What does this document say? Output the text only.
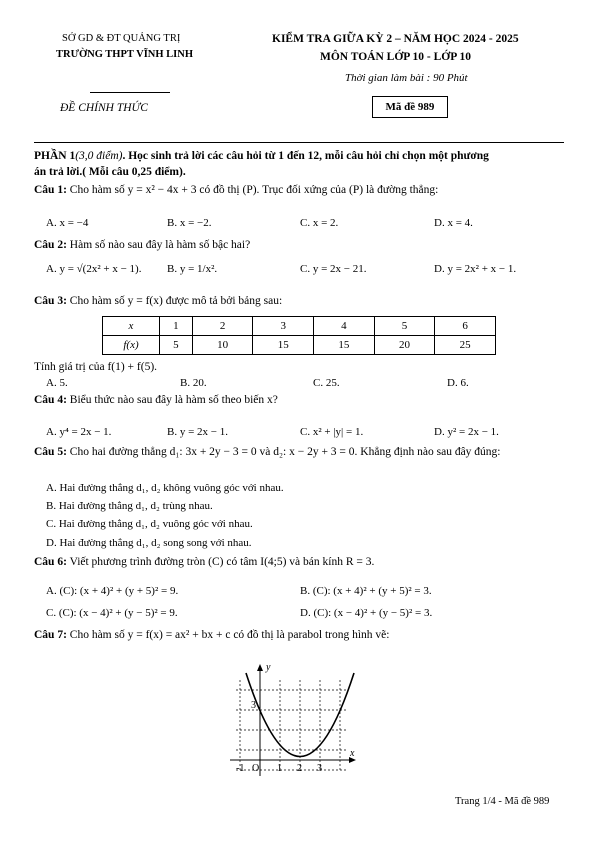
SỞ GD & ĐT QUẢNG TRỊ
TRƯỜNG THPT VĨNH LINH
ĐỀ CHÍNH THỨC
KIỂM TRA GIỮA KỲ 2 – NĂM HỌC 2024 - 2025
MÔN TOÁN LỚP 10 - LỚP 10
Thời gian làm bài : 90 Phút
Mã đề 989
PHẦN 1(3,0 điểm). Học sinh trả lời các câu hỏi từ 1 đến 12, mỗi câu hỏi chỉ chọn một phương
án trả lời.( Mỗi câu 0,25 điểm).
Câu 1: Cho hàm số y = x² − 4x + 3 có đồ thị (P). Trục đối xứng của (P) là đường thẳng:
A. x = −4	B. x = −2.	C. x = 2.	D. x = 4.
Câu 2: Hàm số nào sau đây là hàm số bậc hai?
A. y = √(2x² + x − 1). B. y = 1/x².	C. y = 2x − 21.	D. y = 2x² + x − 1.
Câu 3: Cho hàm số y = f(x) được mô tả bởi bảng sau:
x	1	2	3	4	5	6
f(x)	5	10	15	15	20	25
Tính giá trị của f(1) + f(5).
A. 5.	B. 20.	C. 25.	D. 6.
Câu 4: Biểu thức nào sau đây là hàm số theo biến x?
A. y⁴ = 2x − 1.	B. y = 2x − 1.	C. x² + |y| = 1.	D. y² = 2x − 1.
Câu 5: Cho hai đường thẳng d₁: 3x + 2y − 3 = 0 và d₂: x − 2y + 3 = 0. Khẳng định nào sau đây đúng:
A. Hai đường thẳng d₁, d₂ không vuông góc với nhau.
B. Hai đường thẳng d₁, d₂ trùng nhau.
C. Hai đường thẳng d₁, d₂ vuông góc với nhau.
D. Hai đường thẳng d₁, d₂ song song với nhau.
Câu 6: Viết phương trình đường tròn (C) có tâm I(4;5) và bán kính R = 3.
A. (C): (x + 4)² + (y + 5)² = 9.	B. (C): (x + 4)² + (y + 5)² = 3.
C. (C): (x − 4)² + (y − 5)² = 9.	D. (C): (x − 4)² + (y − 5)² = 3.
Câu 7: Cho hàm số y = f(x) = ax² + bx + c có đồ thị là parabol trong hình vẽ:
y
x
3
-1 O 1 2 3
Trang 1/4 - Mã đề 989
